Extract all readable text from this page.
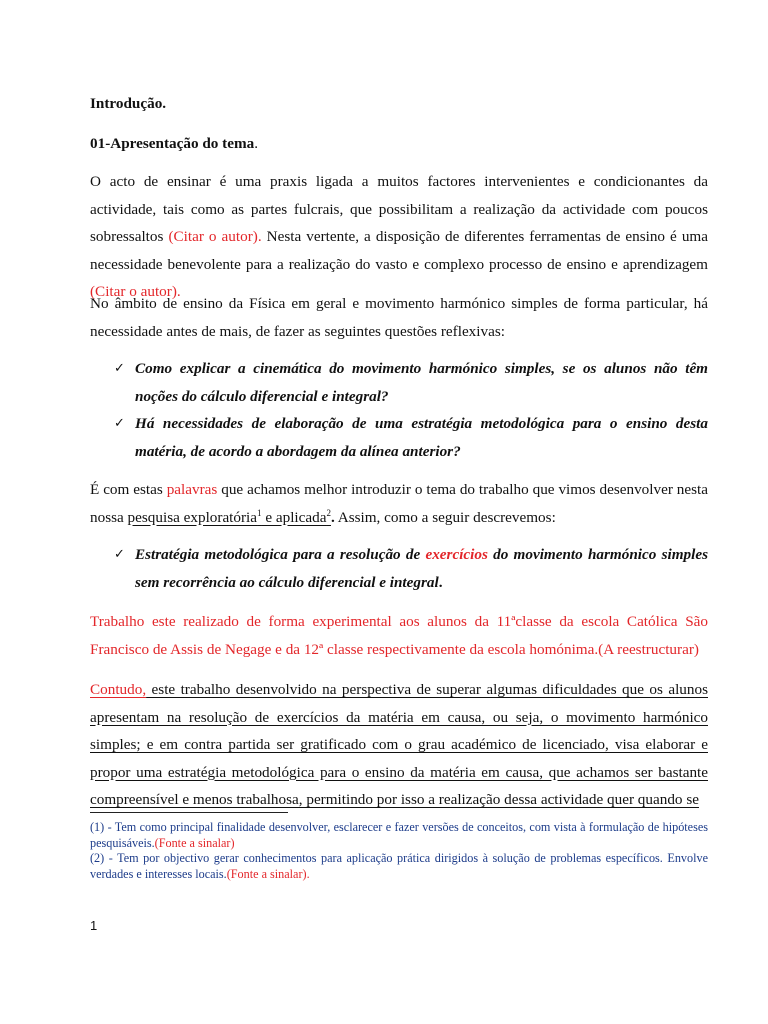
Introdução.

01-Apresentação do tema.

O acto de ensinar é uma praxis ligada a muitos factores intervenientes e condicionantes da actividade, tais como as partes fulcrais, que possibilitam a realização da actividade com poucos sobressaltos (Citar o autor). Nesta vertente, a disposição de diferentes ferramentas de ensino é uma necessidade benevolente para a realização do vasto e complexo processo de ensino e aprendizagem (Citar o autor).

No âmbito de ensino da Física em geral e movimento harmónico simples de forma particular, há necessidade antes de mais, de fazer as seguintes questões reflexivas:

✓ Como explicar a cinemática do movimento harmónico simples, se os alunos não têm noções do cálculo diferencial e integral?
✓ Há necessidades de elaboração de uma estratégia metodológica para o ensino desta matéria, de acordo a abordagem da alínea anterior?

É com estas palavras que achamos melhor introduzir o tema do trabalho que vimos desenvolver nesta nossa pesquisa exploratória$^1$ e aplicada$^2$. Assim, como a seguir descrevemos:

✓ Estratégia metodológica para a resolução de exercícios do movimento harmónico simples sem recorrência ao cálculo diferencial e integral.

Trabalho este realizado de forma experimental aos alunos da 11ªclasse da escola Católica São Francisco de Assis de Negage e da 12ª classe respectivamente da escola homónima.(A reestructurar)

Contudo, este trabalho desenvolvido na perspectiva de superar algumas dificuldades que os alunos apresentam na resolução de exercícios da matéria em causa, ou seja, o movimento harmónico simples; e em contra partida ser gratificado com o grau académico de licenciado, visa elaborar e propor uma estratégia metodológica para o ensino da matéria em causa, que achamos ser bastante compreensível e menos trabalhosa, permitindo por isso a realização dessa actividade quer quando se

(1) - Tem como principal finalidade desenvolver, esclarecer e fazer versões de conceitos, com vista à formulação de hipóteses pesquisáveis.(Fonte a sinalar)

(2) - Tem por objectivo gerar conhecimentos para aplicação prática dirigidos à solução de problemas específicos. Envolve verdades e interesses locais.(Fonte a sinalar).

1
